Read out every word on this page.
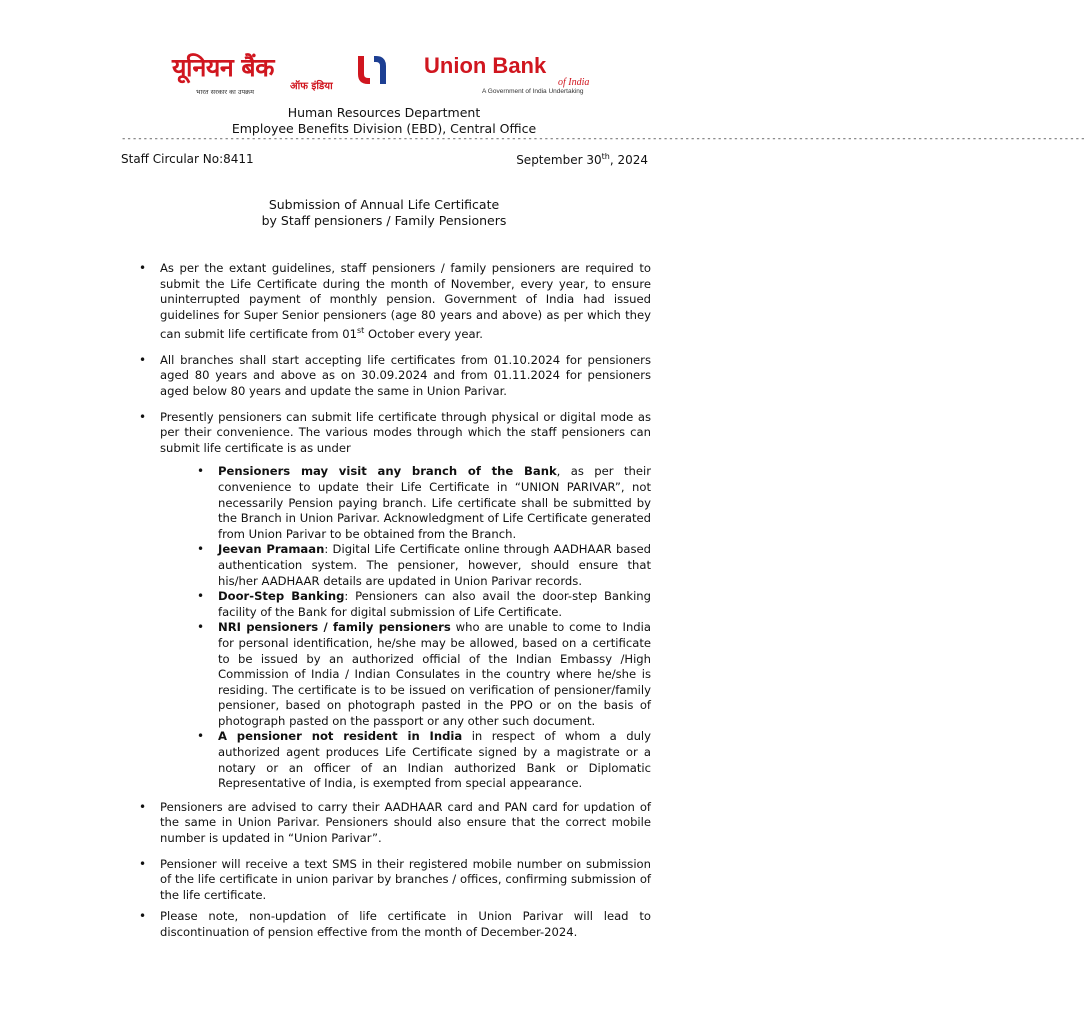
यूनियन बैंक
ऑफ इंडिया
भारत सरकार का उपक्रम
Union Bank
of India
A Government of India Undertaking
Human Resources Department
Employee Benefits Division (EBD), Central Office
----------------------------------------------------------------------------------------------------------------------------------------------------------------------------------
Staff Circular No:8411	September 30th, 2024
Submission of Annual Life Certificate
by Staff pensioners / Family Pensioners

• As per the extant guidelines, staff pensioners / family pensioners are required to submit the Life Certificate during the month of November, every year, to ensure uninterrupted payment of monthly pension. Government of India had issued guidelines for Super Senior pensioners (age 80 years and above) as per which they can submit life certificate from 01st October every year.

• All branches shall start accepting life certificates from 01.10.2024 for pensioners aged 80 years and above as on 30.09.2024 and from 01.11.2024 for pensioners aged below 80 years and update the same in Union Parivar.

• Presently pensioners can submit life certificate through physical or digital mode as per their convenience. The various modes through which the staff pensioners can submit life certificate is as under

• Pensioners may visit any branch of the Bank, as per their convenience to update their Life Certificate in “UNION PARIVAR”, not necessarily Pension paying branch. Life certificate shall be submitted by the Branch in Union Parivar. Acknowledgment of Life Certificate generated from Union Parivar to be obtained from the Branch.

• Jeevan Pramaan: Digital Life Certificate online through AADHAAR based authentication system. The pensioner, however, should ensure that his/her AADHAAR details are updated in Union Parivar records.

• Door-Step Banking: Pensioners can also avail the door-step Banking facility of the Bank for digital submission of Life Certificate.

• NRI pensioners / family pensioners who are unable to come to India for personal identification, he/she may be allowed, based on a certificate to be issued by an authorized official of the Indian Embassy /High Commission of India / Indian Consulates in the country where he/she is residing. The certificate is to be issued on verification of pensioner/family pensioner, based on photograph pasted in the PPO or on the basis of photograph pasted on the passport or any other such document.

• A pensioner not resident in India in respect of whom a duly authorized agent produces Life Certificate signed by a magistrate or a notary or an officer of an Indian authorized Bank or Diplomatic Representative of India, is exempted from special appearance.

• Pensioners are advised to carry their AADHAAR card and PAN card for updation of the same in Union Parivar. Pensioners should also ensure that the correct mobile number is updated in “Union Parivar”.

• Pensioner will receive a text SMS in their registered mobile number on submission of the life certificate in union parivar by branches / offices, confirming submission of the life certificate.

• Please note, non-updation of life certificate in Union Parivar will lead to discontinuation of pension effective from the month of December-2024.
